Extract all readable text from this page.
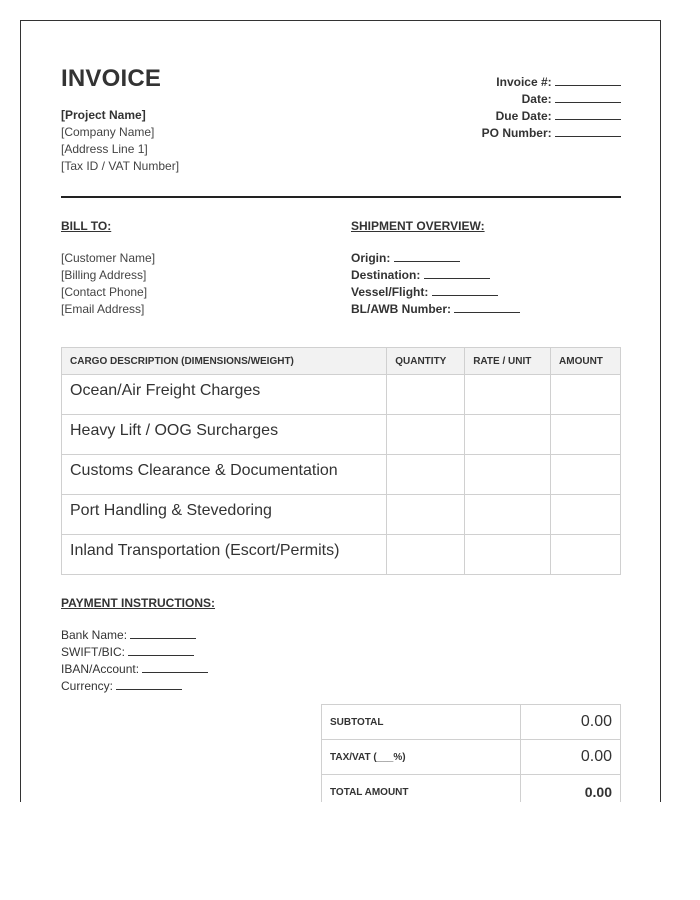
INVOICE
[Project Name]
[Company Name]
[Address Line 1]
[Tax ID / VAT Number]
Invoice #:
Date:
Due Date:
PO Number:
BILL TO:
[Customer Name]
[Billing Address]
[Contact Phone]
[Email Address]
SHIPMENT OVERVIEW:
Origin:
Destination:
Vessel/Flight:
BL/AWB Number:
CARGO DESCRIPTION (DIMENSIONS/WEIGHT)	QUANTITY	RATE / UNIT	AMOUNT
Ocean/Air Freight Charges			
Heavy Lift / OOG Surcharges			
Customs Clearance & Documentation			
Port Handling & Stevedoring			
Inland Transportation (Escort/Permits)			
PAYMENT INSTRUCTIONS:
Bank Name:
SWIFT/BIC:
IBAN/Account:
Currency:
SUBTOTAL	0.00
TAX/VAT (___%)	0.00
TOTAL AMOUNT	0.00
